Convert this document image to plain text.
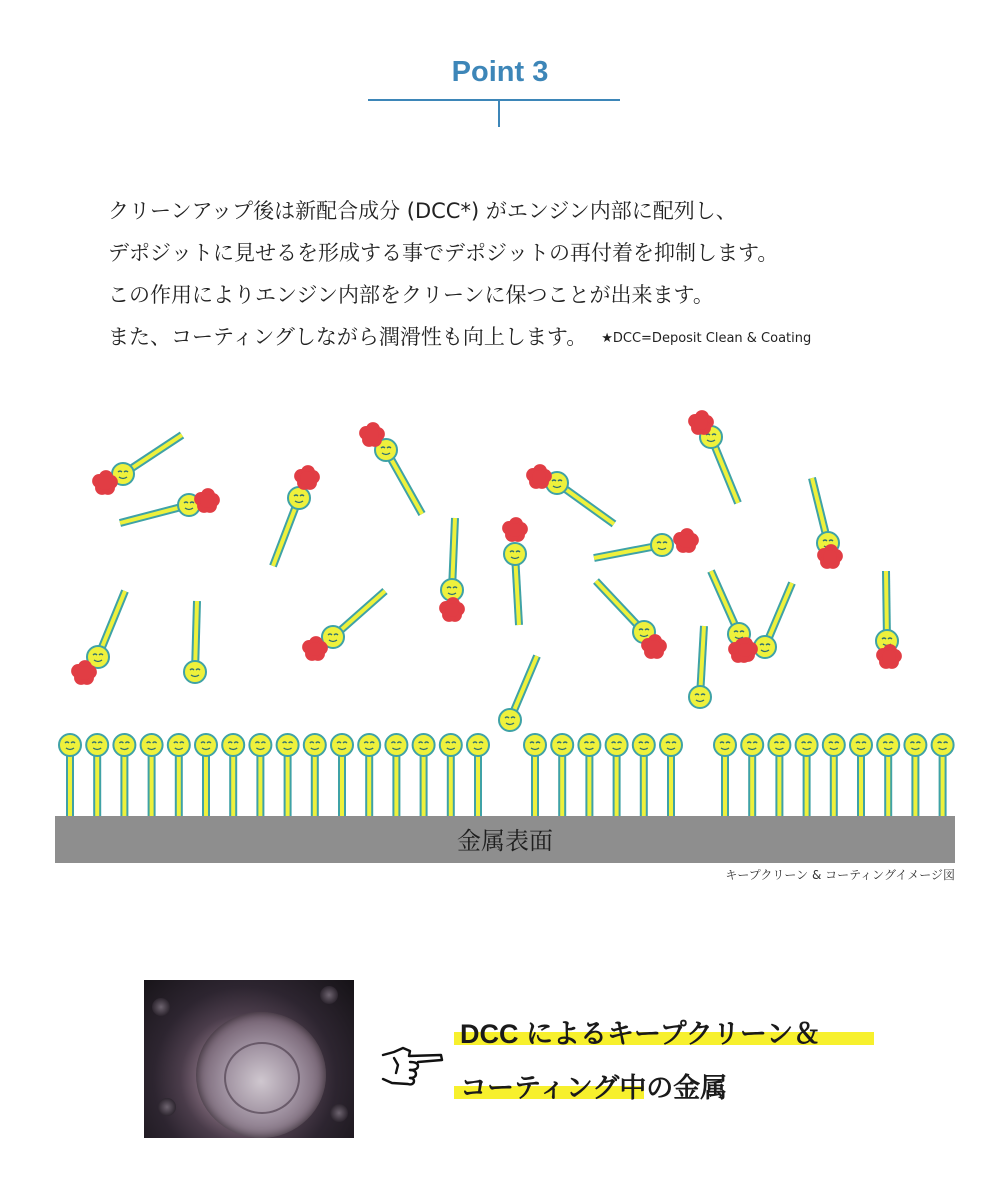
Point 3
クリーンアップ後は新配合成分 (DCC*) がエンジン内部に配列し、
デポジットに見せるを形成する事でデポジットの再付着を抑制します。
この作用によりエンジン内部をクリーンに保つことが出来ます。
また、コーティングしながら潤滑性も向上します。 ★DCC=Deposit Clean & Coating
金属表面
キープクリーン & コーティングイメージ図
DCC によるキープクリーン＆
コーティング中の金属
